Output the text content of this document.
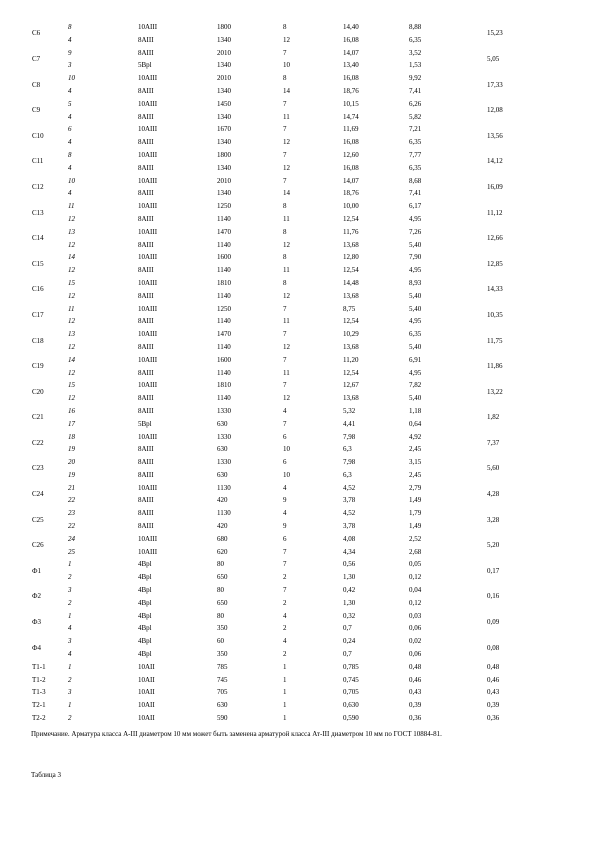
C6	8	10AIII	1800	8	14,40	8,88	15,23
	4	8AIII	1340	12	16,08	6,35	
C7	9	8AIII	2010	7	14,07	3,52	5,05
	3	5Bpl	1340	10	13,40	1,53	
C8	10	10AIII	2010	8	16,08	9,92	17,33
	4	8AIII	1340	14	18,76	7,41	
C9	5	10AIII	1450	7	10,15	6,26	12,08
	4	8AIII	1340	11	14,74	5,82	
C10	6	10AIII	1670	7	11,69	7,21	13,56
	4	8AIII	1340	12	16,08	6,35	
C11	8	10AIII	1800	7	12,60	7,77	14,12
	4	8AIII	1340	12	16,08	6,35	
C12	10	10AIII	2010	7	14,07	8,68	16,09
	4	8AIII	1340	14	18,76	7,41	
C13	11	10AIII	1250	8	10,00	6,17	11,12
	12	8AIII	1140	11	12,54	4,95	
C14	13	10AIII	1470	8	11,76	7,26	12,66
	12	8AIII	1140	12	13,68	5,40	
C15	14	10AIII	1600	8	12,80	7,90	12,85
	12	8AIII	1140	11	12,54	4,95	
C16	15	10AIII	1810	8	14,48	8,93	14,33
	12	8AIII	1140	12	13,68	5,40	
C17	11	10AIII	1250	7	8,75	5,40	10,35
	12	8AIII	1140	11	12,54	4,95	
C18	13	10AIII	1470	7	10,29	6,35	11,75
	12	8AIII	1140	12	13,68	5,40	
C19	14	10AIII	1600	7	11,20	6,91	11,86
	12	8AIII	1140	11	12,54	4,95	
C20	15	10AIII	1810	7	12,67	7,82	13,22
	12	8AIII	1140	12	13,68	5,40	
C21	16	8AIII	1330	4	5,32	1,18	1,82
	17	5Bpl	630	7	4,41	0,64	
C22	18	10AIII	1330	6	7,98	4,92	7,37
	19	8AIII	630	10	6,3	2,45	
C23	20	8AIII	1330	6	7,98	3,15	5,60
	19	8AIII	630	10	6,3	2,45	
C24	21	10AIII	1130	4	4,52	2,79	4,28
	22	8AIII	420	9	3,78	1,49	
C25	23	8AIII	1130	4	4,52	1,79	3,28
	22	8AIII	420	9	3,78	1,49	
C26	24	10AIII	680	6	4,08	2,52	5,20
	25	10AIII	620	7	4,34	2,68	
Ф1	1	4Bpl	80	7	0,56	0,05	0,17
	2	4Bpl	650	2	1,30	0,12	
Ф2	3	4Bpl	80	7	0,42	0,04	0,16
	2	4Bpl	650	2	1,30	0,12	
Ф3	1	4Bpl	80	4	0,32	0,03	0,09
	4	4Bpl	350	2	0,7	0,06	
Ф4	3	4Bpl	60	4	0,24	0,02	0,08
	4	4Bpl	350	2	0,7	0,06	
T1-1	1	10AII	785	1	0,785	0,48	0,48
T1-2	2	10AII	745	1	0,745	0,46	0,46
T1-3	3	10AII	705	1	0,705	0,43	0,43
T2-1	1	10AII	630	1	0,630	0,39	0,39
T2-2	2	10AII	590	1	0,590	0,36	0,36
Примечание. Арматура класса A-III диаметром 10 мм может быть заменена арматурой класса Ат-III диаметром 10 мм по ГОСТ 10884-81.
Таблица 3
